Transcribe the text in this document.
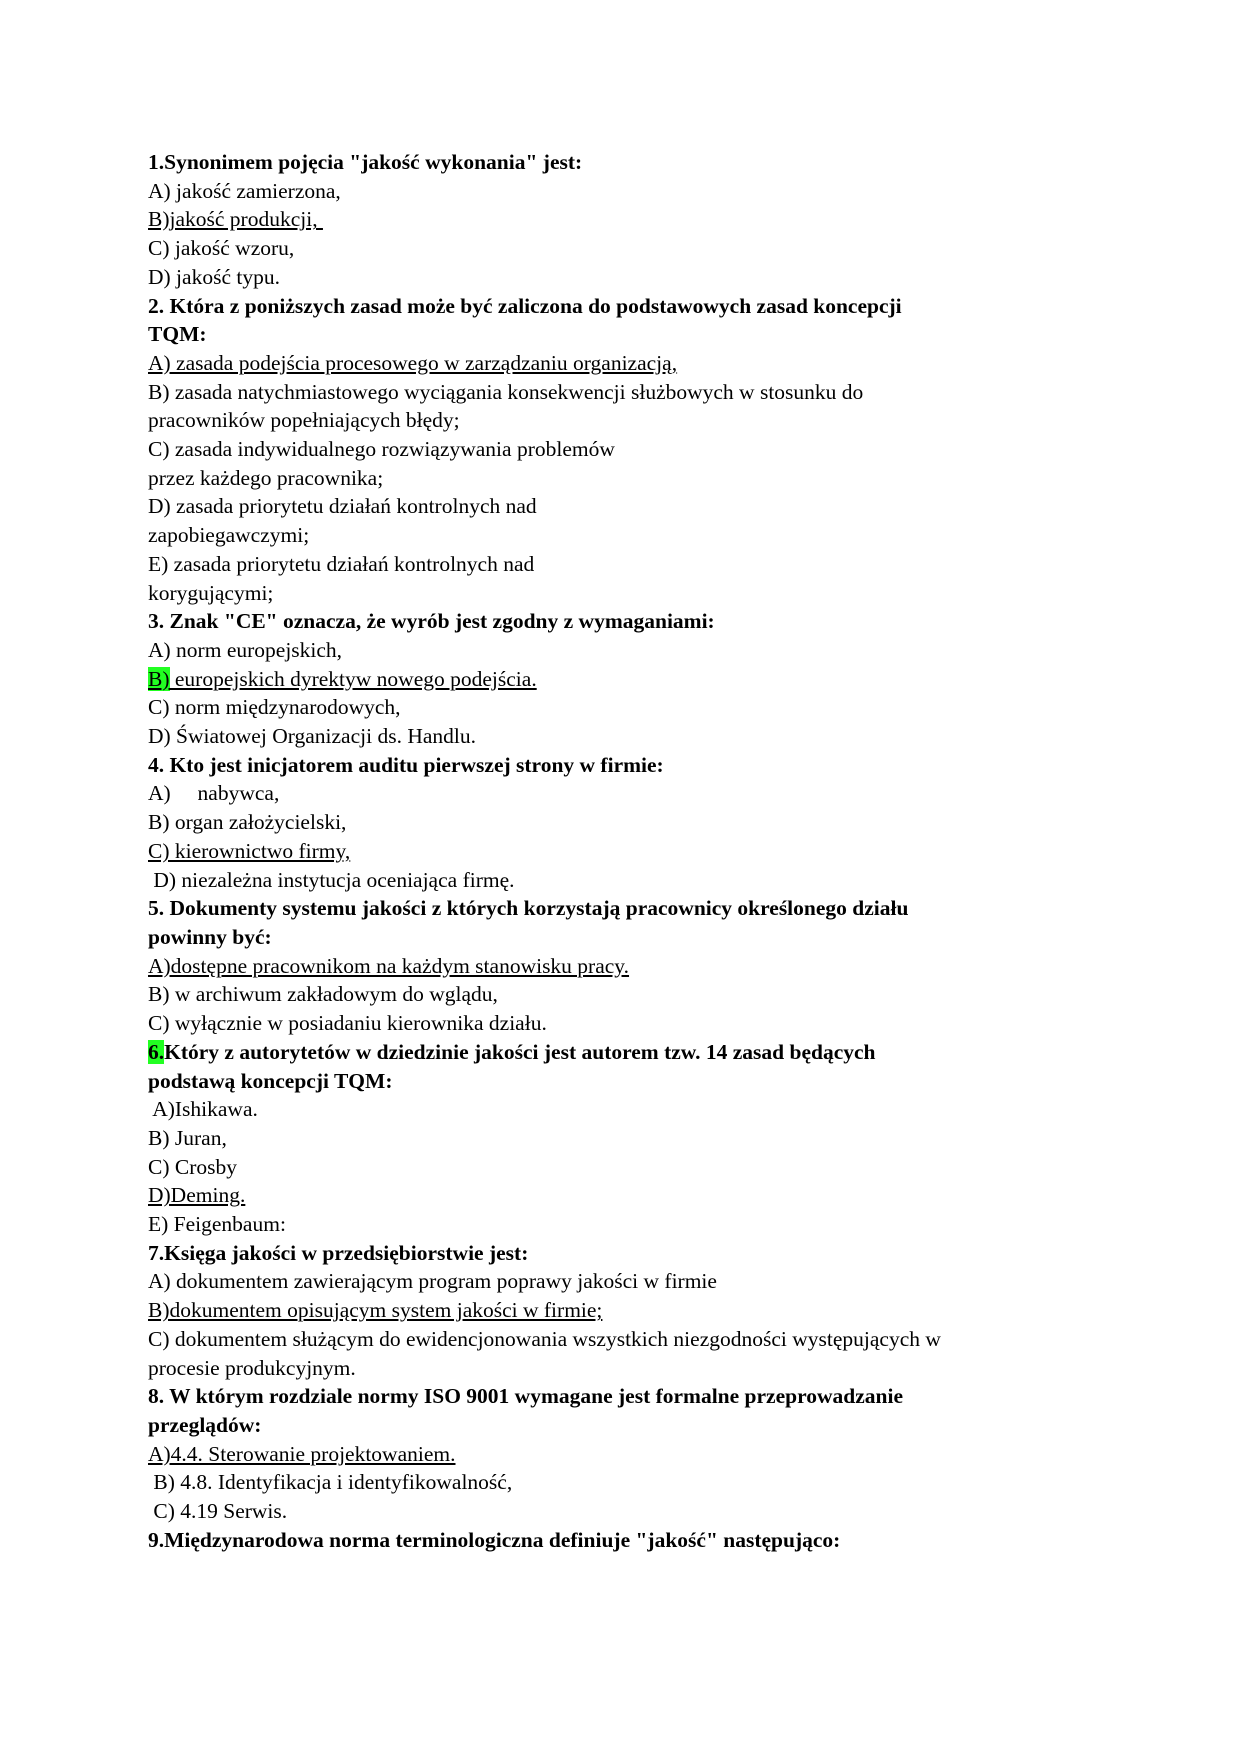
1.Synonimem pojęcia "jakość wykonania" jest:
A) jakość zamierzona,
B)jakość produkcji,
C) jakość wzoru,
D) jakość typu.
2. Która z poniższych zasad może być zaliczona do podstawowych zasad koncepcji
TQM:
A) zasada podejścia procesowego w zarządzaniu organizacją,
B) zasada natychmiastowego wyciągania konsekwencji służbowych w stosunku do
pracowników popełniających błędy;
C) zasada indywidualnego rozwiązywania problemów
przez każdego pracownika;
D) zasada priorytetu działań kontrolnych nad
zapobiegawczymi;
E) zasada priorytetu działań kontrolnych nad
korygującymi;
3. Znak "CE" oznacza, że wyrób jest zgodny z wymaganiami:
A) norm europejskich,
B) europejskich dyrektyw nowego podejścia.
C) norm międzynarodowych,
D) Światowej Organizacji ds. Handlu.
4. Kto jest inicjatorem auditu pierwszej strony w firmie:
A)     nabywca,
B) organ założycielski,
C) kierownictwo firmy,
D) niezależna instytucja oceniająca firmę.
5. Dokumenty systemu jakości z których korzystają pracownicy określonego działu
powinny być:
A)dostępne pracownikom na każdym stanowisku pracy.
B) w archiwum zakładowym do wglądu,
C) wyłącznie w posiadaniu kierownika działu.
6.Który z autorytetów w dziedzinie jakości jest autorem tzw. 14 zasad będących
podstawą koncepcji TQM:
A)Ishikawa.
B) Juran,
C) Crosby
D)Deming.
E) Feigenbaum:
7.Księga jakości w przedsiębiorstwie jest:
A) dokumentem zawierającym program poprawy jakości w firmie
B)dokumentem opisującym system jakości w firmie;
C) dokumentem służącym do ewidencjonowania wszystkich niezgodności występujących w
procesie produkcyjnym.
8. W którym rozdziale normy ISO 9001 wymagane jest formalne przeprowadzanie
przeglądów:
A)4.4. Sterowanie projektowaniem.
B) 4.8. Identyfikacja i identyfikowalność,
C) 4.19 Serwis.
9.Międzynarodowa norma terminologiczna definiuje "jakość" następująco:
